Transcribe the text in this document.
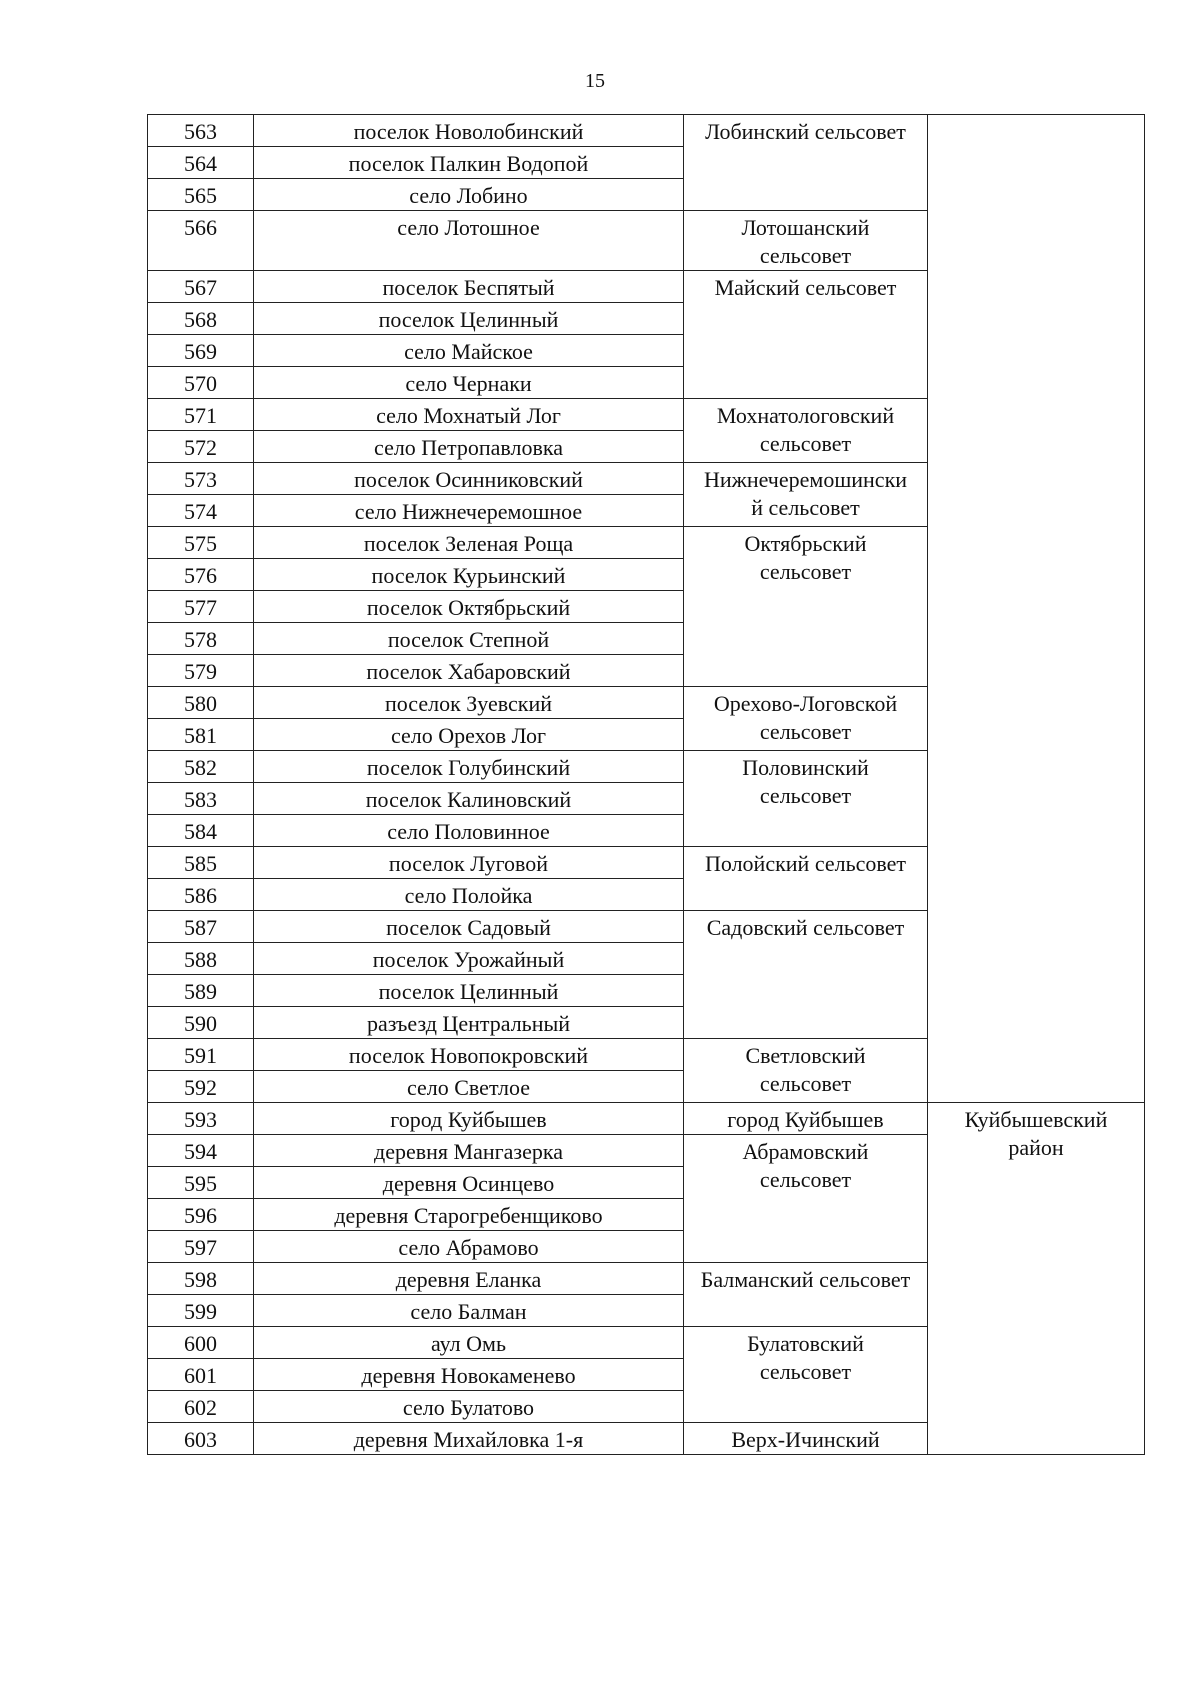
15
563	поселок Новолобинский	Лобинский сельсовет	
564	поселок Палкин Водопой		
565	село Лобино		
566	село Лотошное	Лотошанский
сельсовет	
567	поселок Беспятый	Майский сельсовет	
568	поселок Целинный		
569	село Майское		
570	село Чернаки		
571	село Мохнатый Лог	Мохнатологовский
сельсовет	
572	село Петропавловка		
573	поселок Осинниковский	Нижнечеремошински
й сельсовет	
574	село Нижнечеремошное		
575	поселок Зеленая Роща	Октябрьский
сельсовет	
576	поселок Курьинский		
577	поселок Октябрьский		
578	поселок Степной		
579	поселок Хабаровский		
580	поселок Зуевский	Орехово-Логовской
сельсовет	
581	село Орехов Лог		
582	поселок Голубинский	Половинский
сельсовет	
583	поселок Калиновский		
584	село Половинное		
585	поселок Луговой	Полойский сельсовет	
586	село Полойка		
587	поселок Садовый	Садовский сельсовет	
588	поселок Урожайный		
589	поселок Целинный		
590	разъезд Центральный		
591	поселок Новопокровский	Светловский
сельсовет	
592	село Светлое		
593	город Куйбышев	город Куйбышев	Куйбышевский
район
594	деревня Мангазерка	Абрамовский
сельсовет	
595	деревня Осинцево		
596	деревня Старогребенщиково		
597	село Абрамово		
598	деревня Еланка	Балманский сельсовет	
599	село Балман		
600	аул Омь	Булатовский
сельсовет	
601	деревня Новокаменево		
602	село Булатово		
603	деревня Михайловка 1-я	Верх-Ичинский	
